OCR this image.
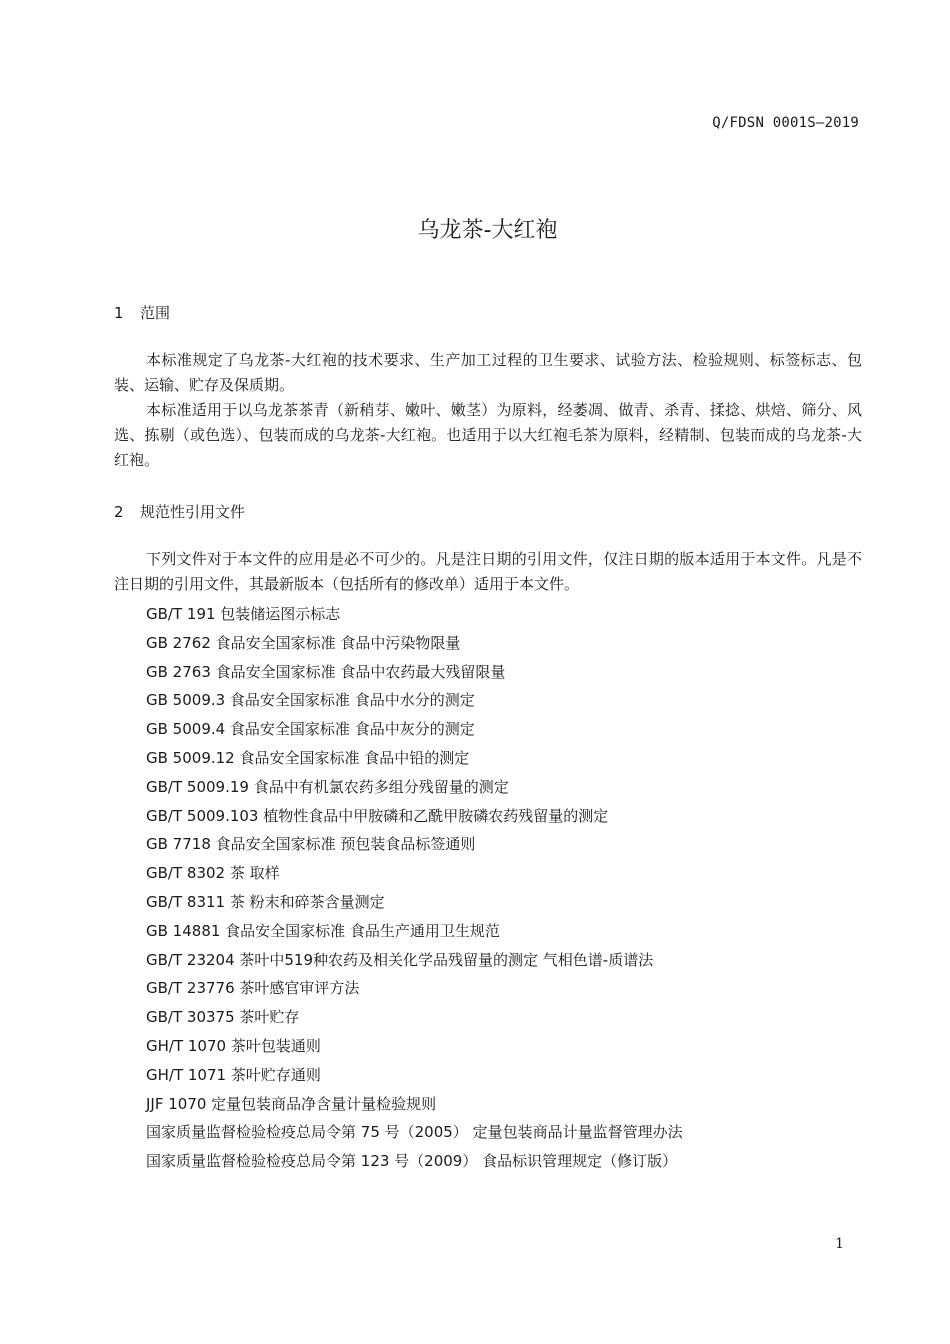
Q/FDSN 0001S—2019
乌龙茶-大红袍
1 范围

本标准规定了乌龙茶-大红袍的技术要求、生产加工过程的卫生要求、试验方法、检验规则、标签标志、包装、运输、贮存及保质期。

本标准适用于以乌龙茶茶青（新稍芽、嫩叶、嫩茎）为原料，经萎凋、做青、杀青、揉捻、烘焙、筛分、风选、拣剔（或色选）、包装而成的乌龙茶-大红袍。也适用于以大红袍毛茶为原料，经精制、包装而成的乌龙茶-大红袍。

2 规范性引用文件

下列文件对于本文件的应用是必不可少的。凡是注日期的引用文件，仅注日期的版本适用于本文件。凡是不注日期的引用文件，其最新版本（包括所有的修改单）适用于本文件。

GB/T 191 包装储运图示标志
GB 2762 食品安全国家标准 食品中污染物限量
GB 2763 食品安全国家标准 食品中农药最大残留限量
GB 5009.3 食品安全国家标准 食品中水分的测定
GB 5009.4 食品安全国家标准 食品中灰分的测定
GB 5009.12 食品安全国家标准 食品中铅的测定
GB/T 5009.19 食品中有机氯农药多组分残留量的测定
GB/T 5009.103 植物性食品中甲胺磷和乙酰甲胺磷农药残留量的测定
GB 7718 食品安全国家标准 预包装食品标签通则
GB/T 8302 茶 取样
GB/T 8311 茶 粉末和碎茶含量测定
GB 14881 食品安全国家标准 食品生产通用卫生规范
GB/T 23204 茶叶中519种农药及相关化学品残留量的测定 气相色谱-质谱法
GB/T 23776 茶叶感官审评方法
GB/T 30375 茶叶贮存
GH/T 1070 茶叶包装通则
GH/T 1071 茶叶贮存通则
JJF 1070 定量包装商品净含量计量检验规则
国家质量监督检验检疫总局令第 75 号（2005） 定量包装商品计量监督管理办法
国家质量监督检验检疫总局令第 123 号（2009） 食品标识管理规定（修订版）
1
